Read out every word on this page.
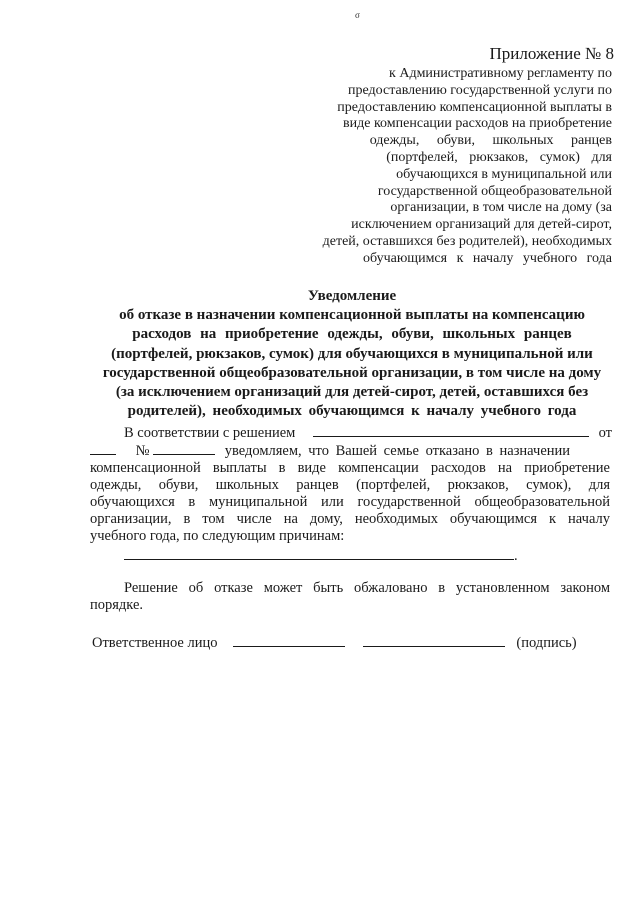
σ
Приложение № 8
к Административному регламенту по
предоставлению государственной услуги по
предоставлению компенсационной выплаты в
виде компенсации расходов на приобретение
одежды, обуви, школьных ранцев
(портфелей, рюкзаков, сумок) для
обучающихся в муниципальной или
государственной общеобразовательной
организации, в том числе на дому (за
исключением организаций для детей-сирот,
детей, оставшихся без родителей), необходимых
обучающимся к началу учебного года
Уведомление
об отказе в назначении компенсационной выплаты на компенсацию
расходов на приобретение одежды, обуви, школьных ранцев
(портфелей, рюкзаков, сумок) для обучающихся в муниципальной или
государственной общеобразовательной организации, в том числе на дому
(за исключением организаций для детей-сирот, детей, оставшихся без
родителей), необходимых обучающимся к началу учебного года
В соответствии с решением	от
№	уведомляем, что Вашей семье отказано в назначении
компенсационной выплаты в виде компенсации расходов на приобретение
одежды, обуви, школьных ранцев (портфелей, рюкзаков, сумок), для
обучающихся в муниципальной или государственной общеобразовательной
организации, в том числе на дому, необходимых обучающимся к началу
учебного года, по следующим причинам:
.
Решение об отказе может быть обжаловано в установленном законом
порядке.
Ответственное лицо	(подпись)
